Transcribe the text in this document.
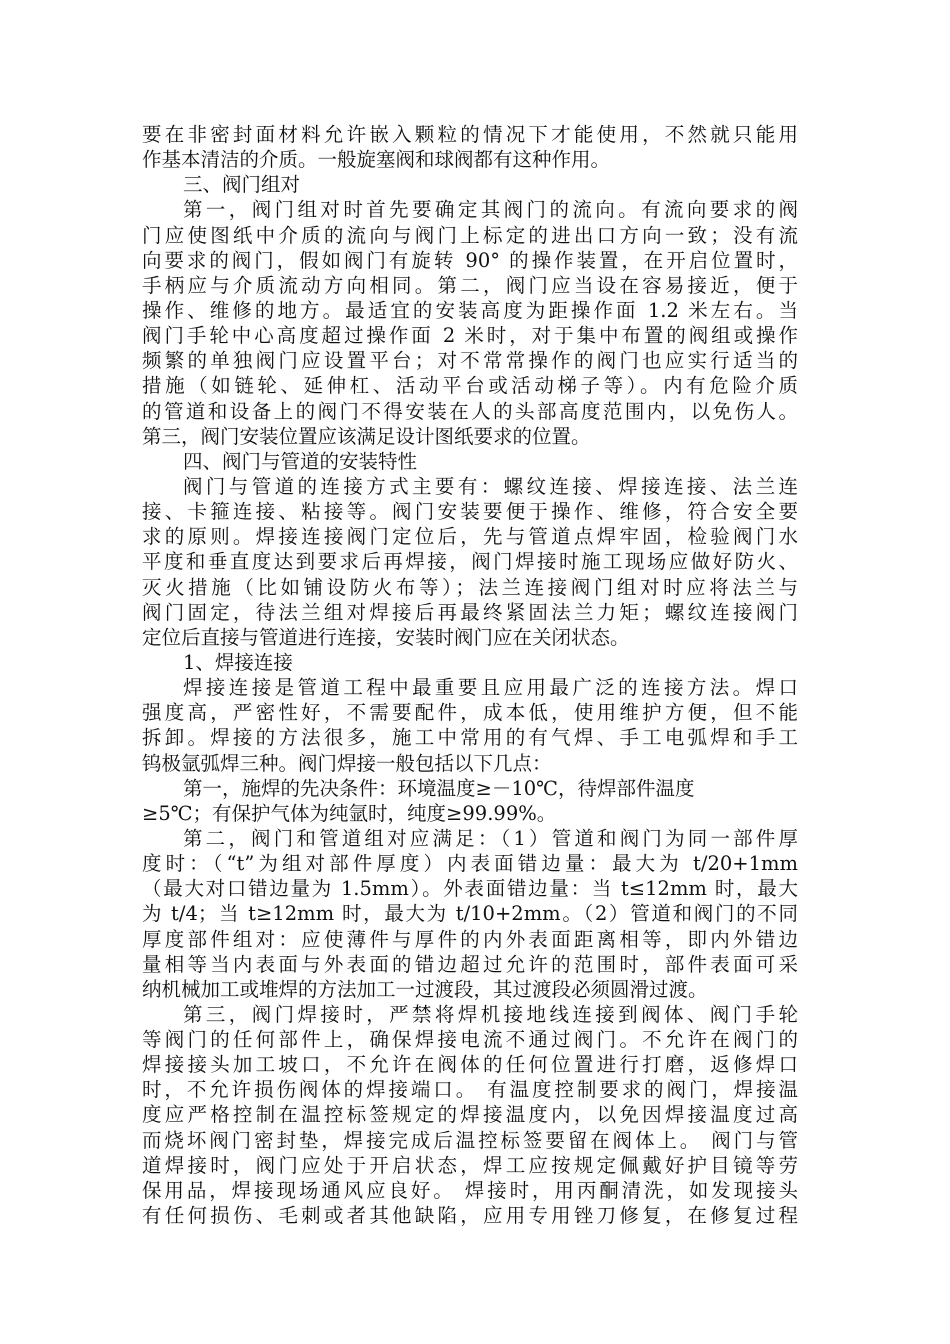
要在非密封面材料允许嵌入颗粒的情况下才能使用，不然就只能用
作基本清洁的介质。一般旋塞阀和球阀都有这种作用。
三、阀门组对
第一，阀门组对时首先要确定其阀门的流向。有流向要求的阀
门应使图纸中介质的流向与阀门上标定的进出口方向一致；没有流
向要求的阀门，假如阀门有旋转 90° 的操作装置，在开启位置时，
手柄应与介质流动方向相同。第二，阀门应当设在容易接近，便于
操作、维修的地方。最适宜的安装高度为距操作面 1.2 米左右。当
阀门手轮中心高度超过操作面 2 米时，对于集中布置的阀组或操作
频繁的单独阀门应设置平台；对不常常操作的阀门也应实行适当的
措施（如链轮、延伸杠、活动平台或活动梯子等）。内有危险介质
的管道和设备上的阀门不得安装在人的头部高度范围内，以免伤人。
第三，阀门安装位置应该满足设计图纸要求的位置。
四、阀门与管道的安装特性
阀门与管道的连接方式主要有：螺纹连接、焊接连接、法兰连
接、卡箍连接、粘接等。阀门安装要便于操作、维修，符合安全要
求的原则。焊接连接阀门定位后，先与管道点焊牢固，检验阀门水
平度和垂直度达到要求后再焊接，阀门焊接时施工现场应做好防火、
灭火措施（比如铺设防火布等）；法兰连接阀门组对时应将法兰与
阀门固定，待法兰组对焊接后再最终紧固法兰力矩；螺纹连接阀门
定位后直接与管道进行连接，安装时阀门应在关闭状态。
1、焊接连接
焊接连接是管道工程中最重要且应用最广泛的连接方法。焊口
强度高，严密性好，不需要配件，成本低，使用维护方便，但不能
拆卸。焊接的方法很多，施工中常用的有气焊、手工电弧焊和手工
钨极氩弧焊三种。阀门焊接一般包括以下几点：
第一，施焊的先决条件：环境温度≥－10℃，待焊部件温度
≥5℃；有保护气体为纯氩时，纯度≥99.99%。
第二，阀门和管道组对应满足：（1）管道和阀门为同一部件厚
度时：（“t”为组对部件厚度）内表面错边量：最大为 t/20+1mm
（最大对口错边量为 1.5mm）。外表面错边量：当 t≤12mm 时，最大
为 t/4；当 t≥12mm 时，最大为 t/10+2mm。（2）管道和阀门的不同
厚度部件组对：应使薄件与厚件的内外表面距离相等，即内外错边
量相等当内表面与外表面的错边超过允许的范围时，部件表面可采
纳机械加工或堆焊的方法加工一过渡段，其过渡段必须圆滑过渡。
第三，阀门焊接时，严禁将焊机接地线连接到阀体、阀门手轮
等阀门的任何部件上，确保焊接电流不通过阀门。不允许在阀门的
焊接接头加工坡口，不允许在阀体的任何位置进行打磨，返修焊口
时，不允许损伤阀体的焊接端口。 有温度控制要求的阀门，焊接温
度应严格控制在温控标签规定的焊接温度内，以免因焊接温度过高
而烧坏阀门密封垫，焊接完成后温控标签要留在阀体上。 阀门与管
道焊接时，阀门应处于开启状态，焊工应按规定佩戴好护目镜等劳
保用品，焊接现场通风应良好。 焊接时，用丙酮清洗，如发现接头
有任何损伤、毛刺或者其他缺陷，应用专用锉刀修复，在修复过程
